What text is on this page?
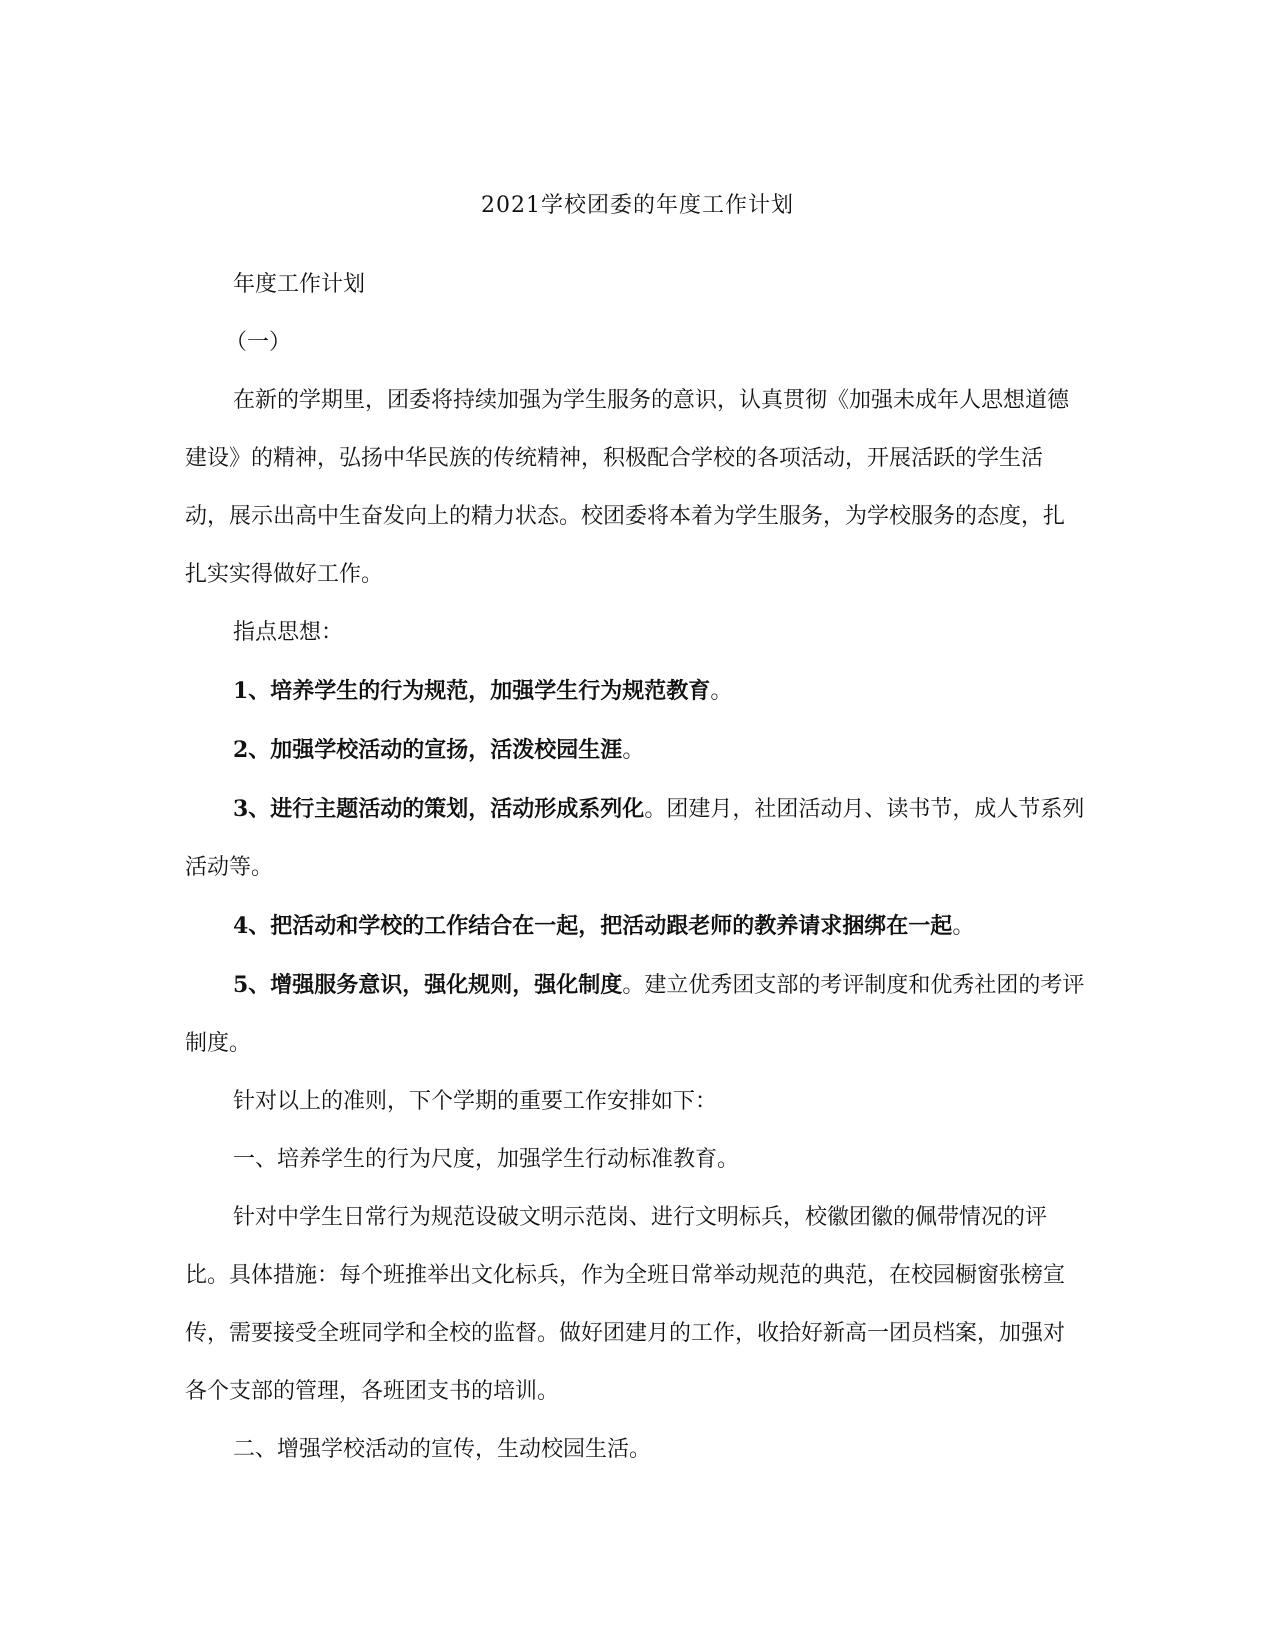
2021学校团委的年度工作计划

年度工作计划

（一）

在新的学期里，团委将持续加强为学生服务的意识，认真贯彻《加强未成年人思想道德建设》的精神，弘扬中华民族的传统精神，积极配合学校的各项活动，开展活跃的学生活动，展示出高中生奋发向上的精力状态。校团委将本着为学生服务，为学校服务的态度，扎扎实实得做好工作。

指点思想：

1、培养学生的行为规范，加强学生行为规范教育。

2、加强学校活动的宣扬，活泼校园生涯。

3、进行主题活动的策划，活动形成系列化。团建月，社团活动月、读书节，成人节系列活动等。

4、把活动和学校的工作结合在一起，把活动跟老师的教养请求捆绑在一起。

5、增强服务意识，强化规则，强化制度。建立优秀团支部的考评制度和优秀社团的考评制度。

针对以上的准则，下个学期的重要工作安排如下：

一、培养学生的行为尺度，加强学生行动标准教育。

针对中学生日常行为规范设破文明示范岗、进行文明标兵，校徽团徽的佩带情况的评比。具体措施：每个班推举出文化标兵，作为全班日常举动规范的典范，在校园橱窗张榜宣传，需要接受全班同学和全校的监督。做好团建月的工作，收拾好新高一团员档案，加强对各个支部的管理，各班团支书的培训。

二、增强学校活动的宣传，生动校园生活。
